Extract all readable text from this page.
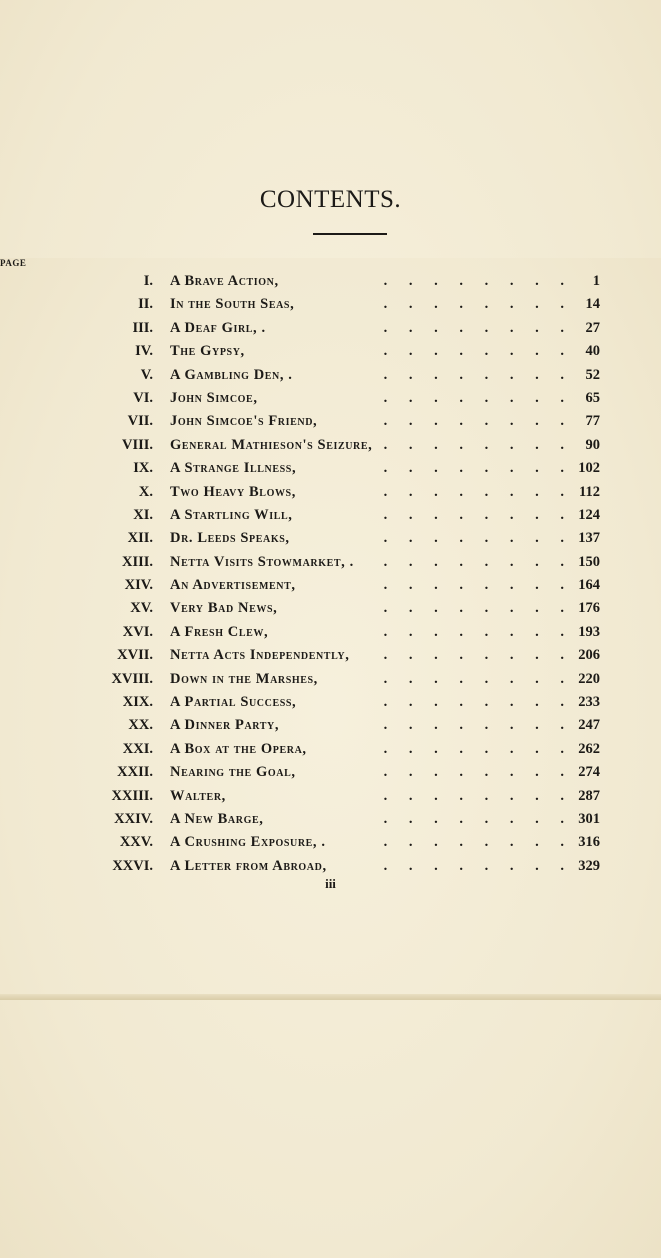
CONTENTS.
PAGE
I. A Brave Action,	. . . . . . . . 1
II. In the South Seas,	. . . . . . . . 14
III. A Deaf Girl, .	. . . . . . . . 27
IV. The Gypsy,	. . . . . . . . 40
V. A Gambling Den, .	. . . . . . . . 52
VI. John Simcoe,	. . . . . . . . 65
VII. John Simcoe's Friend,	. . . . . . . . 77
VIII. General Mathieson's Seizure, . . . . . . . . 90
IX. A Strange Illness,	. . . . . . . . 102
X. Two Heavy Blows,	. . . . . . . . 112
XI. A Startling Will,	. . . . . . . . 124
XII. Dr. Leeds Speaks,	. . . . . . . . 137
XIII. Netta Visits Stowmarket, . . . . . . . . . 150
XIV. An Advertisement,	. . . . . . . . 164
XV. Very Bad News,	. . . . . . . . 176
XVI. A Fresh Clew,	. . . . . . . . 193
XVII. Netta Acts Independently, . . . . . . . . 206
XVIII. Down in the Marshes,	. . . . . . . . 220
XIX. A Partial Success,	. . . . . . . . 233
XX. A Dinner Party,	. . . . . . . . 247
XXI. A Box at the Opera,	. . . . . . . . 262
XXII. Nearing the Goal,	. . . . . . . . 274
XXIII. Walter,	. . . . . . . . 287
XXIV. A New Barge,	. . . . . . . . 301
XXV. A Crushing Exposure, .	. . . . . . . . 316
XXVI. A Letter from Abroad,	. . . . . . . . 329
iii
